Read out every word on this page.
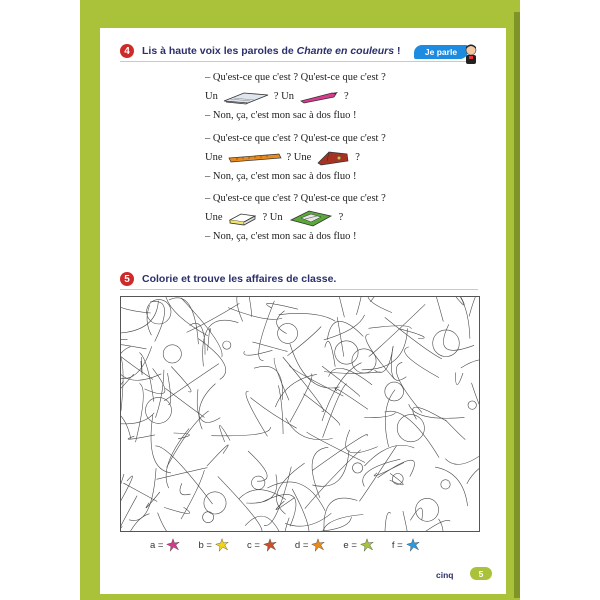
4	Lis à haute voix les paroles de Chante en couleurs !	Je parle
– Qu'est-ce que c'est ? Qu'est-ce que c'est ?
Un	? Un	?
– Non, ça, c'est mon sac à dos fluo !
– Qu'est-ce que c'est ? Qu'est-ce que c'est ?
Une	? Une	?
– Non, ça, c'est mon sac à dos fluo !
– Qu'est-ce que c'est ? Qu'est-ce que c'est ?
Une	? Un	?
– Non, ça, c'est mon sac à dos fluo !
5	Colorie et trouve les affaires de classe.
a =	b =	c =	d =	e =	f =
cinq	5
